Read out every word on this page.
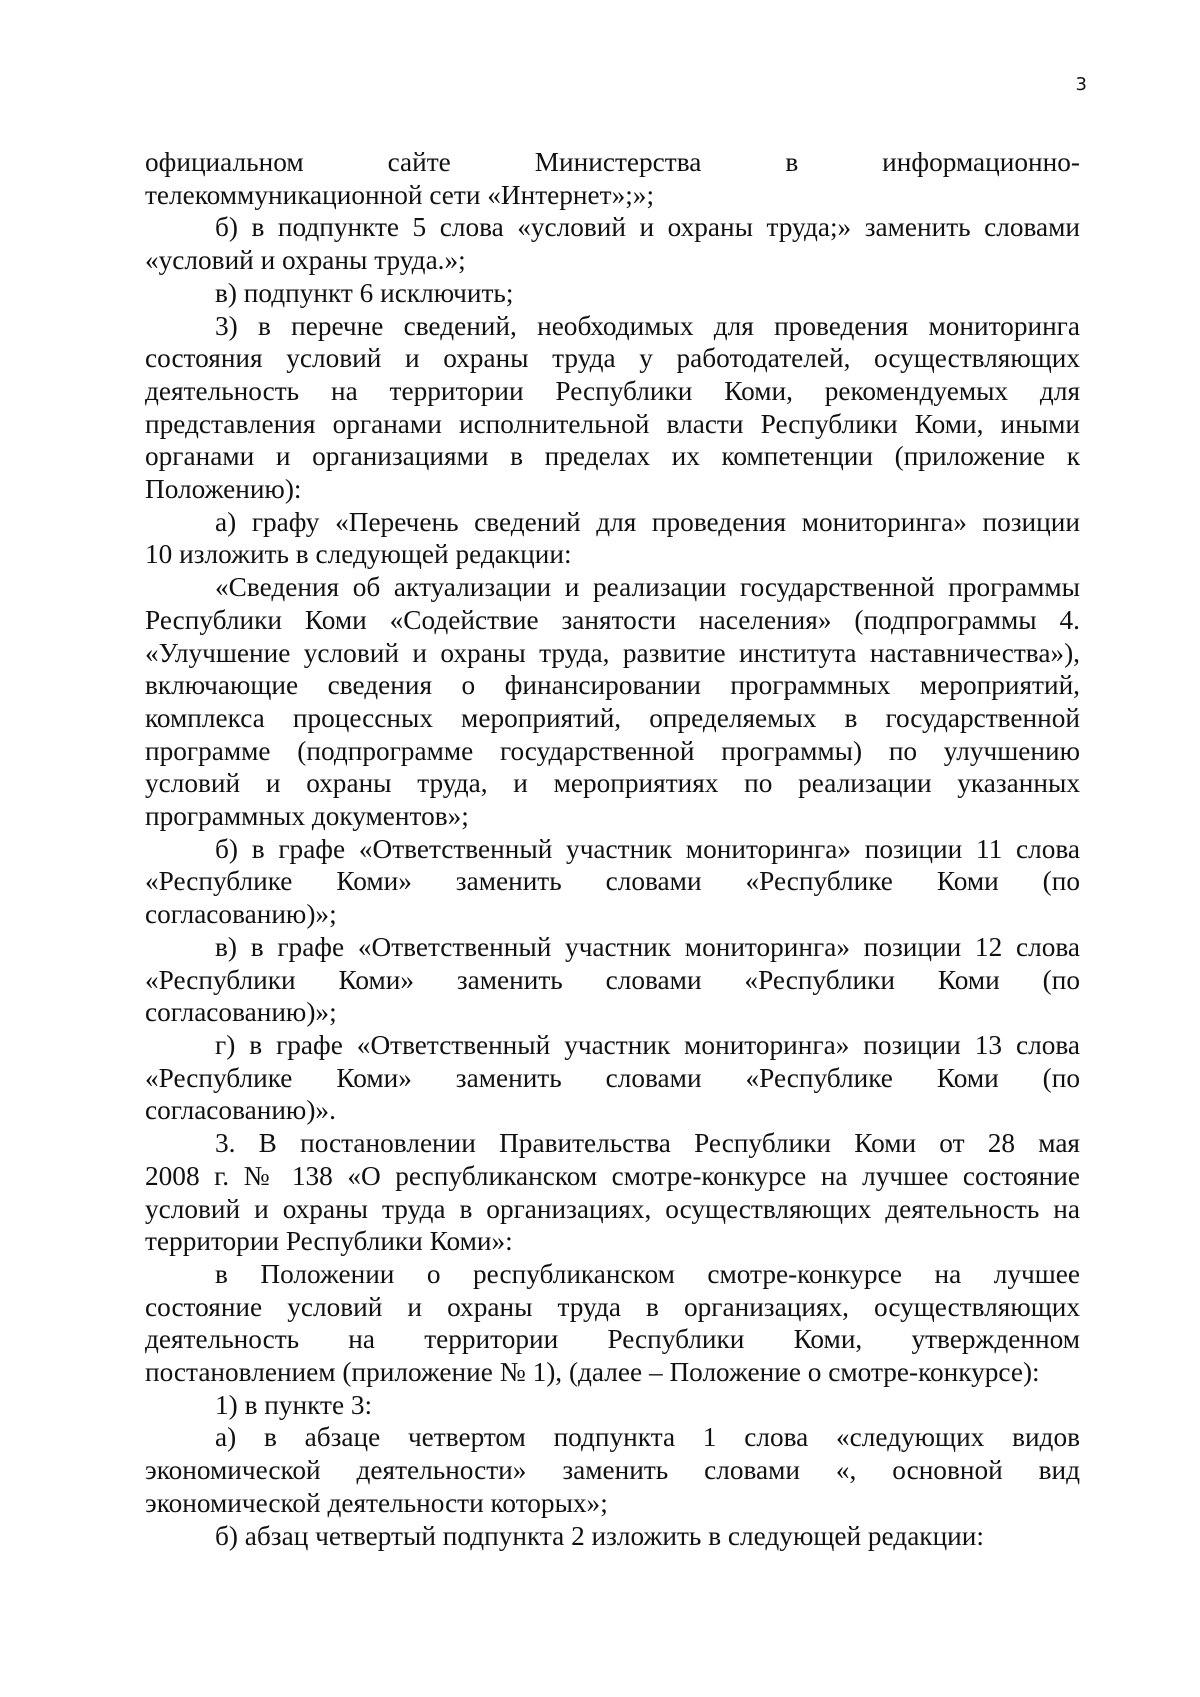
3

официальном сайте Министерства в информационно-
телекоммуникационной сети «Интернет»;»;

б) в подпункте 5 слова «условий и охраны труда;» заменить словами
«условий и охраны труда.»;

в) подпункт 6 исключить;

3) в перечне сведений, необходимых для проведения мониторинга
состояния условий и охраны труда у работодателей, осуществляющих
деятельность на территории Республики Коми, рекомендуемых для
представления органами исполнительной власти Республики Коми, иными
органами и организациями в пределах их компетенции (приложение к
Положению):

а) графу «Перечень сведений для проведения мониторинга» позиции
10 изложить в следующей редакции:

«Сведения об актуализации и реализации государственной программы
Республики Коми «Содействие занятости населения» (подпрограммы 4.
«Улучшение условий и охраны труда, развитие института наставничества»),
включающие сведения о финансировании программных мероприятий,
комплекса процессных мероприятий, определяемых в государственной
программе (подпрограмме государственной программы) по улучшению
условий и охраны труда, и мероприятиях по реализации указанных
программных документов»;

б) в графе «Ответственный участник мониторинга» позиции 11 слова
«Республике Коми» заменить словами «Республике Коми (по
согласованию)»;

в) в графе «Ответственный участник мониторинга» позиции 12 слова
«Республики Коми» заменить словами «Республики Коми (по
согласованию)»;

г) в графе «Ответственный участник мониторинга» позиции 13 слова
«Республике Коми» заменить словами «Республике Коми (по
согласованию)».

3. В постановлении Правительства Республики Коми от 28 мая
2008 г. № 138 «О республиканском смотре-конкурсе на лучшее состояние
условий и охраны труда в организациях, осуществляющих деятельность на
территории Республики Коми»:

в Положении о республиканском смотре-конкурсе на лучшее
состояние условий и охраны труда в организациях, осуществляющих
деятельность на территории Республики Коми, утвержденном
постановлением (приложение № 1), (далее – Положение о смотре-конкурсе):

1) в пункте 3:

а) в абзаце четвертом подпункта 1 слова «следующих видов
экономической деятельности» заменить словами «, основной вид
экономической деятельности которых»;

б) абзац четвертый подпункта 2 изложить в следующей редакции:
